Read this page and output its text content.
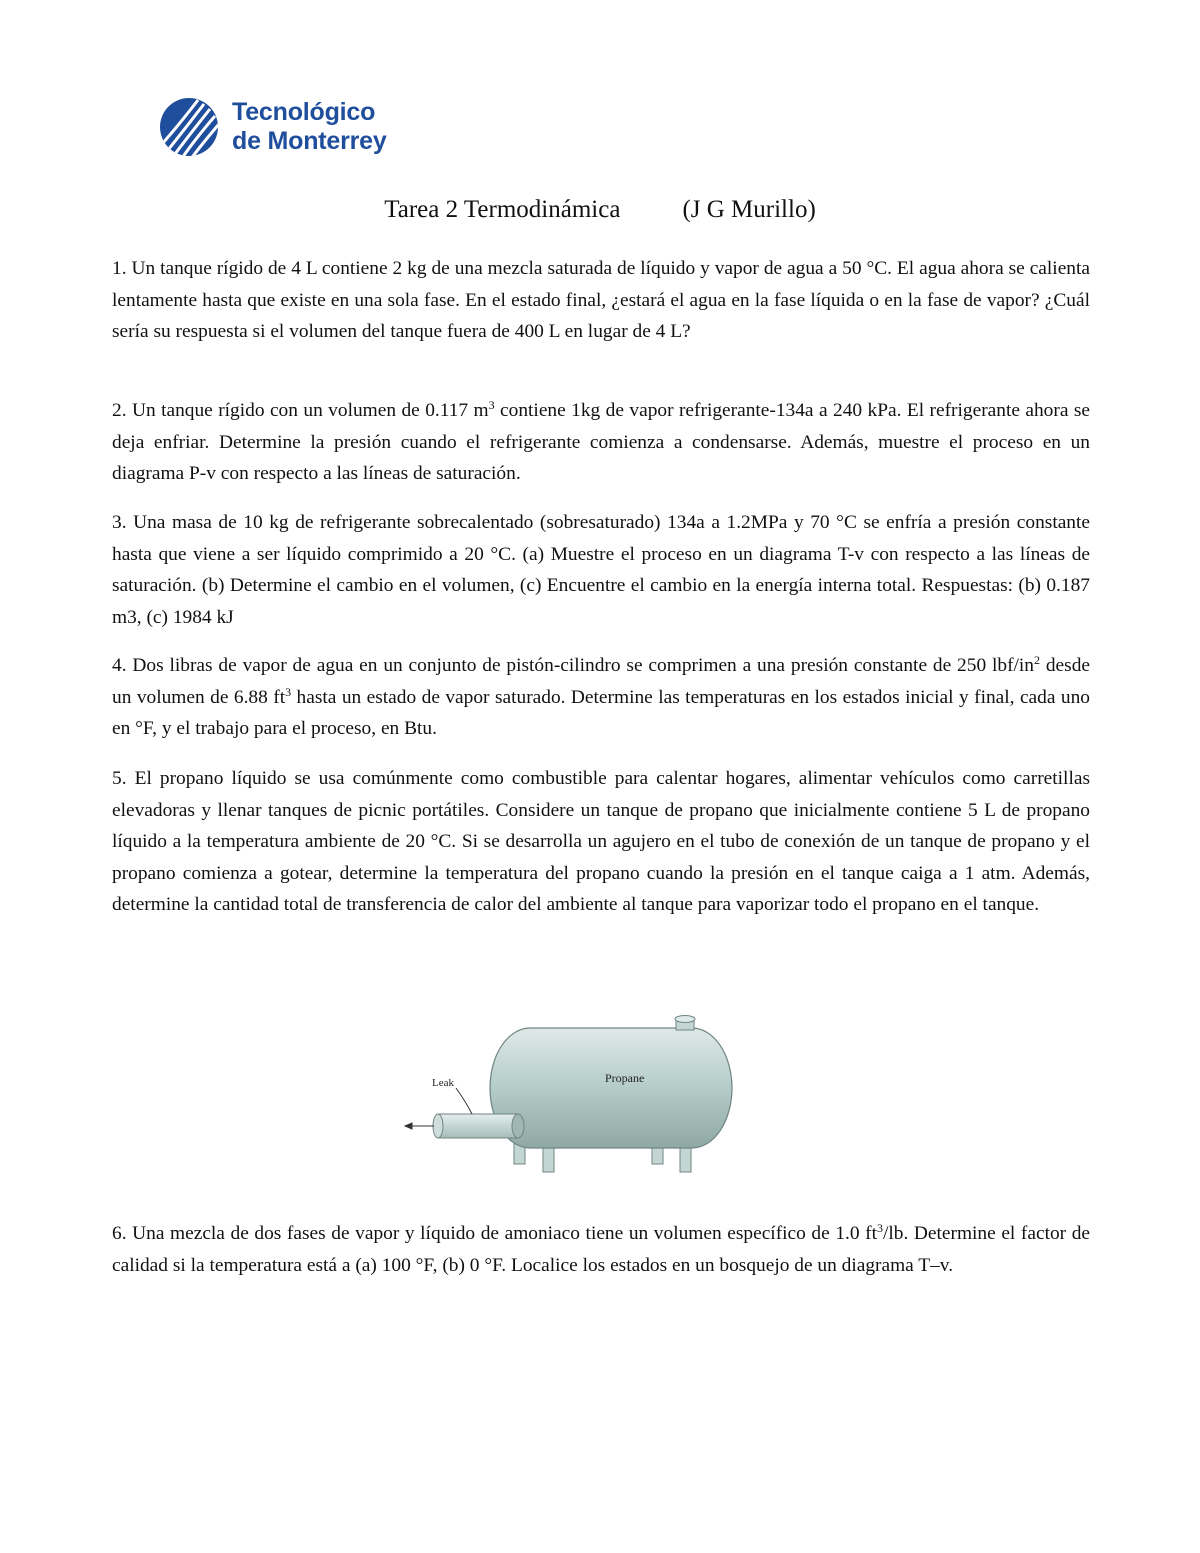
Tecnológico
de Monterrey
Tarea 2 Termodinámica (J G Murillo)

1. Un tanque rígido de 4 L contiene 2 kg de una mezcla saturada de líquido y vapor de agua a 50 °C. El agua ahora se calienta lentamente hasta que existe en una sola fase. En el estado final, ¿estará el agua en la fase líquida o en la fase de vapor? ¿Cuál sería su respuesta si el volumen del tanque fuera de 400 L en lugar de 4 L?

2. Un tanque rígido con un volumen de 0.117 $m^3$ contiene 1kg de vapor refrigerante-134a a 240 kPa. El refrigerante ahora se deja enfriar. Determine la presión cuando el refrigerante comienza a condensarse. Además, muestre el proceso en un diagrama P-v con respecto a las líneas de saturación.

3. Una masa de 10 kg de refrigerante sobrecalentado (sobresaturado) 134a a 1.2MPa y 70 °C se enfría a presión constante hasta que viene a ser líquido comprimido a 20 °C. (a) Muestre el proceso en un diagrama T-v con respecto a las líneas de saturación. (b) Determine el cambio en el volumen, (c) Encuentre el cambio en la energía interna total. Respuestas: (b) 0.187 m3, (c) 1984 kJ

4. Dos libras de vapor de agua en un conjunto de pistón-cilindro se comprimen a una presión constante de 250 lbf/$in^2$ desde un volumen de 6.88 $ft^3$ hasta un estado de vapor saturado. Determine las temperaturas en los estados inicial y final, cada uno en °F, y el trabajo para el proceso, en Btu.

5. El propano líquido se usa comúnmente como combustible para calentar hogares, alimentar vehículos como carretillas elevadoras y llenar tanques de picnic portátiles. Considere un tanque de propano que inicialmente contiene 5 L de propano líquido a la temperatura ambiente de 20 °C. Si se desarrolla un agujero en el tubo de conexión de un tanque de propano y el propano comienza a gotear, determine la temperatura del propano cuando la presión en el tanque caiga a 1 atm. Además, determine la cantidad total de transferencia de calor del ambiente al tanque para vaporizar todo el propano en el tanque.

Leak	Propane

6. Una mezcla de dos fases de vapor y líquido de amoniaco tiene un volumen específico de 1.0 $ft^3/lb$. Determine el factor de calidad si la temperatura está a (a) 100 °F, (b) 0 °F. Localice los estados en un bosquejo de un diagrama T–v.
